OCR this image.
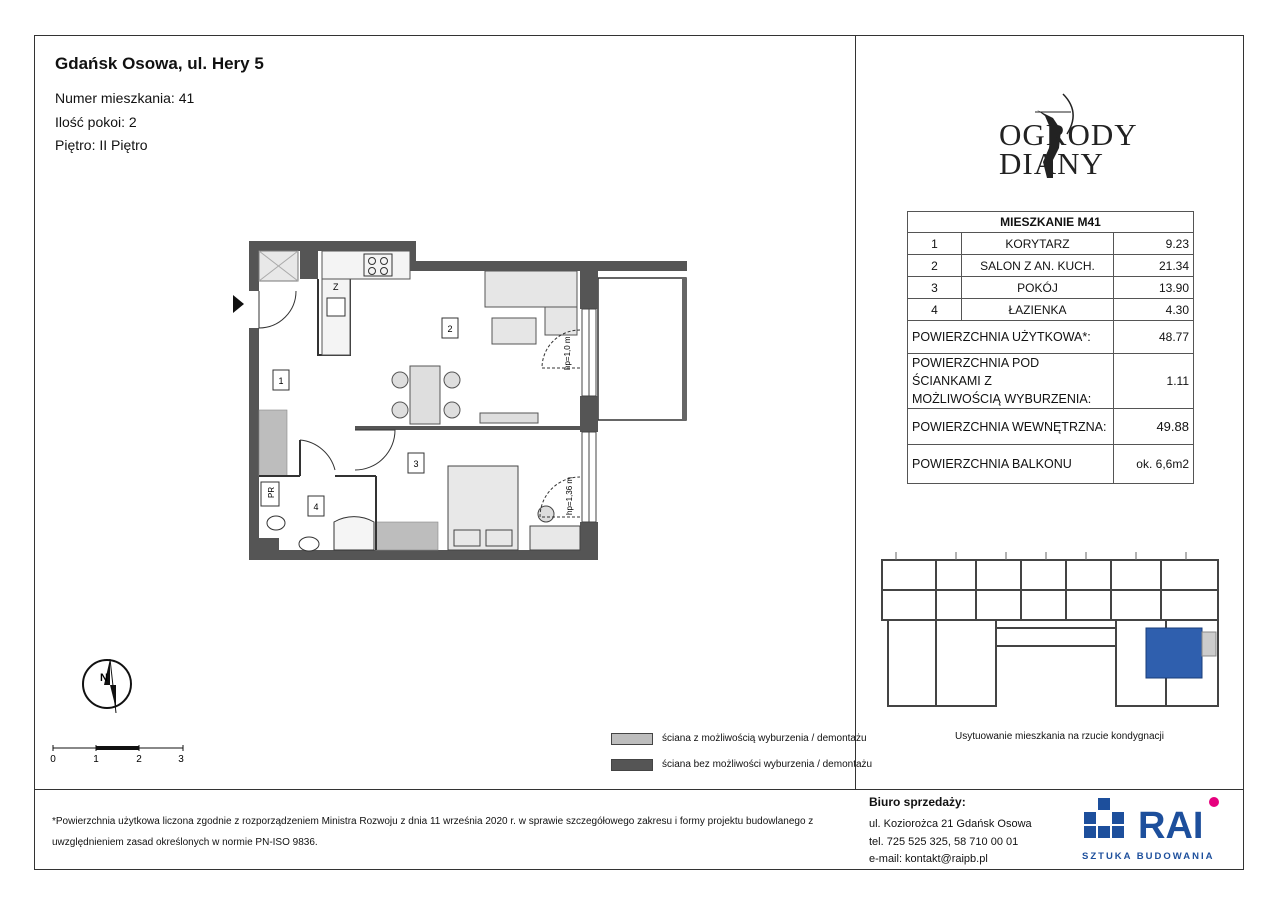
Gdańsk Osowa, ul. Hery 5
Numer mieszkania: 41
Ilość pokoi: 2
Piętro: II Piętro
Z
hp=1,0 m
hp=1,36 m
PR
1
2
3
4
OGRODY
DIANY
MIESZKANIE M41		
1	KORYTARZ	9.23
2	SALON Z AN. KUCH.	21.34
3	POKÓJ	13.90
4	ŁAZIENKA	4.30
POWIERZCHNIA UŻYTKOWA*:		48.77

POWIERZCHNIA POD ŚCIANKAMI Z
MOŻLIWOŚCIĄ WYBURZENIA:		1.11
POWIERZCHNIA WEWNĘTRZNA:		49.88
POWIERZCHNIA BALKONU		ok. 6,6m2
Usytuowanie mieszkania na rzucie kondygnacji
ściana z możliwością wyburzenia / demontażu
ściana bez możliwości wyburzenia / demontażu
N
0	1	2	3
*Powierzchnia użytkowa liczona zgodnie z rozporządzeniem Ministra Rozwoju z dnia 11 września 2020 r. w sprawie szczegółowego zakresu i formy projektu budowlanego z uwzględnieniem zasad określonych w normie PN-ISO 9836.
Biuro sprzedaży:
ul. Koziorożca 21 Gdańsk Osowa
tel. 725 525 325, 58 710 00 01
e-mail: kontakt@raipb.pl
RAI
SZTUKA BUDOWANIA
